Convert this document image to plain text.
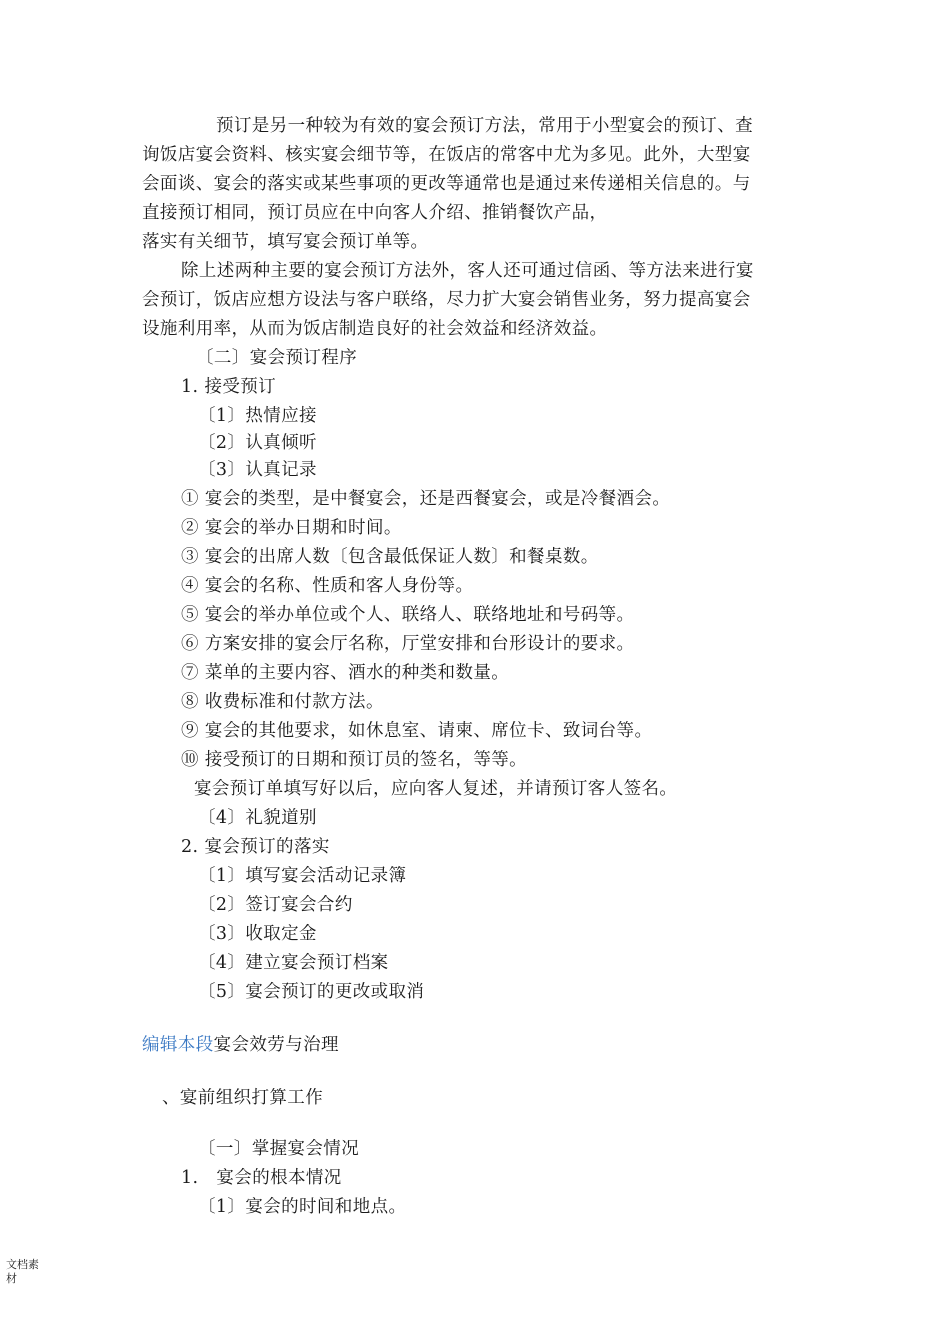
预订是另一种较为有效的宴会预订方法，常用于小型宴会的预订、查
询饭店宴会资料、核实宴会细节等，在饭店的常客中尤为多见。此外，大型宴
会面谈、宴会的落实或某些事项的更改等通常也是通过来传递相关信息的。与
直接预订相同，预订员应在中向客人介绍、推销餐饮产品，
落实有关细节，填写宴会预订单等。
除上述两种主要的宴会预订方法外，客人还可通过信函、等方法来进行宴
会预订，饭店应想方设法与客户联络，尽力扩大宴会销售业务，努力提高宴会
设施利用率，从而为饭店制造良好的社会效益和经济效益。
〔二〕宴会预订程序
1. 接受预订
〔1〕热情应接
〔2〕认真倾听
〔3〕认真记录
① 宴会的类型，是中餐宴会，还是西餐宴会，或是冷餐酒会。
② 宴会的举办日期和时间。
③ 宴会的出席人数〔包含最低保证人数〕和餐桌数。
④ 宴会的名称、性质和客人身份等。
⑤ 宴会的举办单位或个人、联络人、联络地址和号码等。
⑥ 方案安排的宴会厅名称，厅堂安排和台形设计的要求。
⑦ 菜单的主要内容、酒水的种类和数量。
⑧ 收费标准和付款方法。
⑨ 宴会的其他要求，如休息室、请柬、席位卡、致词台等。
⑩ 接受预订的日期和预订员的签名，等等。
宴会预订单填写好以后，应向客人复述，并请预订客人签名。
〔4〕礼貌道别
2. 宴会预订的落实
〔1〕填写宴会活动记录簿
〔2〕签订宴会合约
〔3〕收取定金
〔4〕建立宴会预订档案
〔5〕宴会预订的更改或取消
编辑本段宴会效劳与治理
、宴前组织打算工作
〔一〕掌握宴会情况
1.　宴会的根本情况
〔1〕宴会的时间和地点。
文档素
材
